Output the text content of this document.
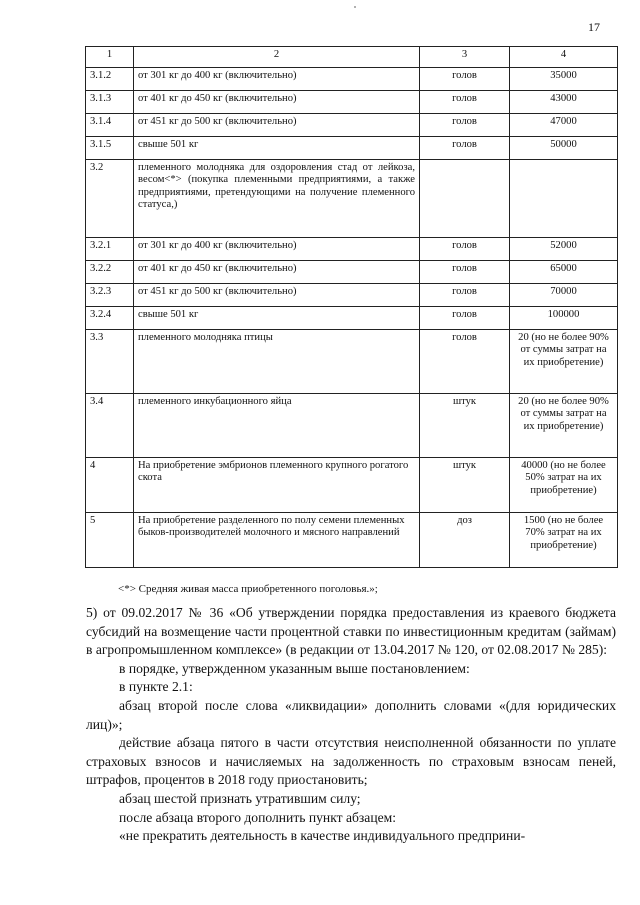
17
1	2	3	4
3.1.2	от 301 кг до 400 кг (включительно)	голов	35000
3.1.3	от 401 кг до 450 кг (включительно)	голов	43000
3.1.4	от 451 кг до 500 кг (включительно)	голов	47000
3.1.5	свыше 501 кг	голов	50000
3.2	племенного молодняка для оздоровления стад от лейкоза, весом<*> (покупка племенными предприятиями, а также предприятиями, претендующими на получение племенного статуса,)		
3.2.1	от 301 кг до 400 кг (включительно)	голов	52000
3.2.2	от 401 кг до 450 кг (включительно)	голов	65000
3.2.3	от 451 кг до 500 кг (включительно)	голов	70000
3.2.4	свыше 501 кг	голов	100000
3.3	племенного молодняка птицы	голов	20 (но не более 90% от суммы затрат на их приобретение)
3.4	племенного инкубационного яйца	штук	20 (но не более 90% от суммы затрат на их приобретение)
4	На приобретение эмбрионов племенного крупного рогатого скота	штук	40000 (но не более 50% затрат на их приобретение)
5	На приобретение разделенного по полу семени племенных быков-производителей молочного и мясного направлений	доз	1500 (но не более 70% затрат на их приобретение)
<*> Средняя живая масса приобретенного поголовья.»;

5) от 09.02.2017 № 36 «Об утверждении порядка предоставления из краевого бюджета субсидий на возмещение части процентной ставки по инвестиционным кредитам (займам) в агропромышленном комплексе» (в редакции от 13.04.2017 № 120, от 02.08.2017 № 285):

в порядке, утвержденном указанным выше постановлением:

в пункте 2.1:

абзац второй после слова «ликвидации» дополнить словами «(для юридических лиц)»;

действие абзаца пятого в части отсутствия неисполненной обязанности по уплате страховых взносов и начисляемых на задолженность по страховым взносам пеней, штрафов, процентов в 2018 году приостановить;

абзац шестой признать утратившим силу;

после абзаца второго дополнить пункт абзацем:

«не прекратить деятельность в качестве индивидуального предприни-
